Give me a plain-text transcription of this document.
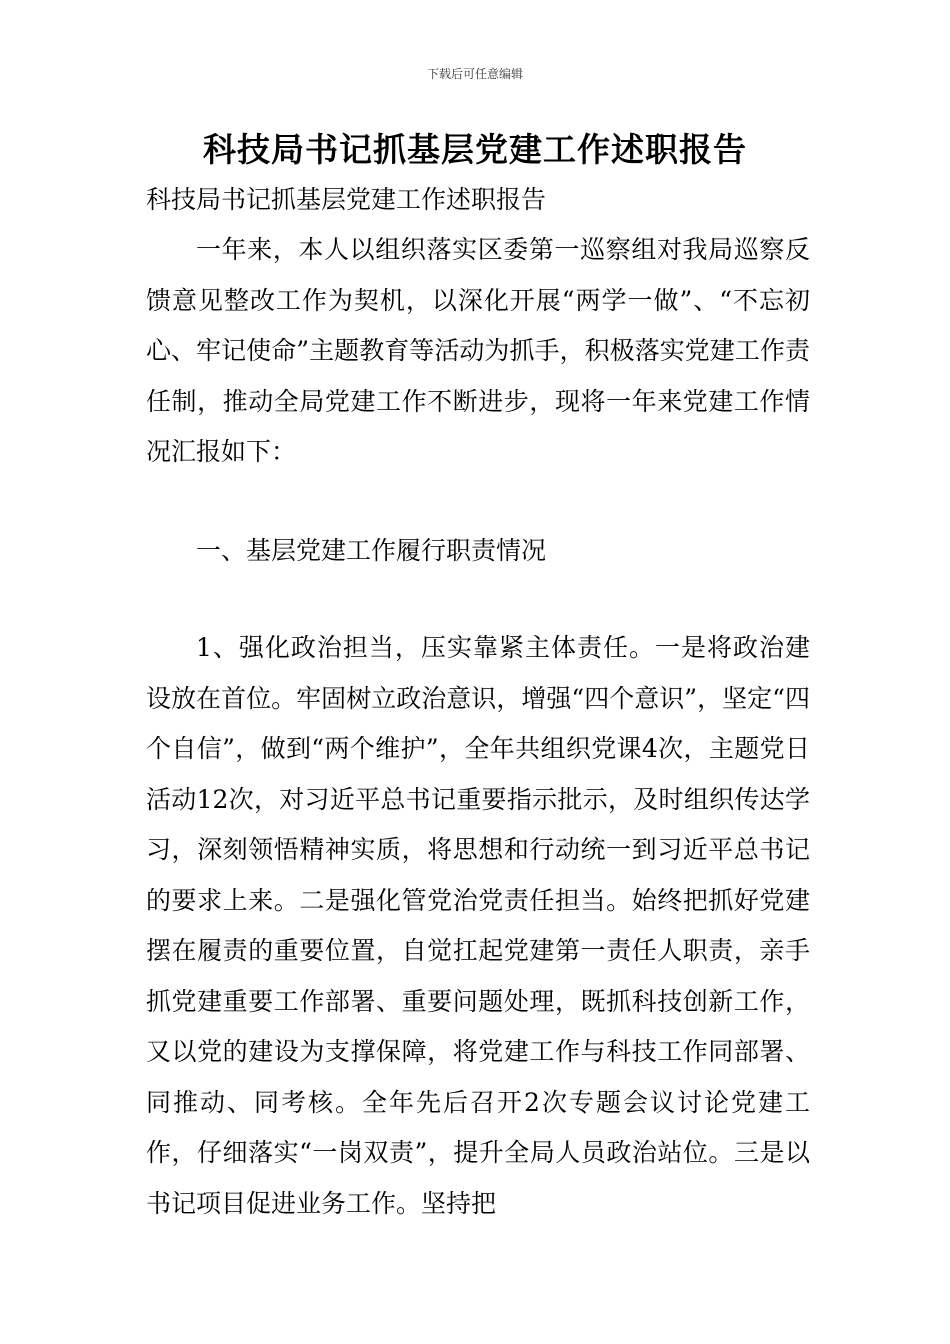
下载后可任意编辑
科技局书记抓基层党建工作述职报告

科技局书记抓基层党建工作述职报告

一年来，本人以组织落实区委第一巡察组对我局巡察反馈意见整改工作为契机，以深化开展“两学一做”、“不忘初心、牢记使命”主题教育等活动为抓手，积极落实党建工作责任制，推动全局党建工作不断进步，现将一年来党建工作情况汇报如下：

一、基层党建工作履行职责情况

1、强化政治担当，压实靠紧主体责任。一是将政治建设放在首位。牢固树立政治意识，增强“四个意识”，坚定“四个自信”，做到“两个维护”，全年共组织党课4次，主题党日活动12次，对习近平总书记重要指示批示，及时组织传达学习，深刻领悟精神实质，将思想和行动统一到习近平总书记的要求上来。二是强化管党治党责任担当。始终把抓好党建摆在履责的重要位置，自觉扛起党建第一责任人职责，亲手抓党建重要工作部署、重要问题处理，既抓科技创新工作，又以党的建设为支撑保障，将党建工作与科技工作同部署、同推动、同考核。全年先后召开2次专题会议讨论党建工作，仔细落实“一岗双责”，提升全局人员政治站位。三是以书记项目促进业务工作。坚持把
